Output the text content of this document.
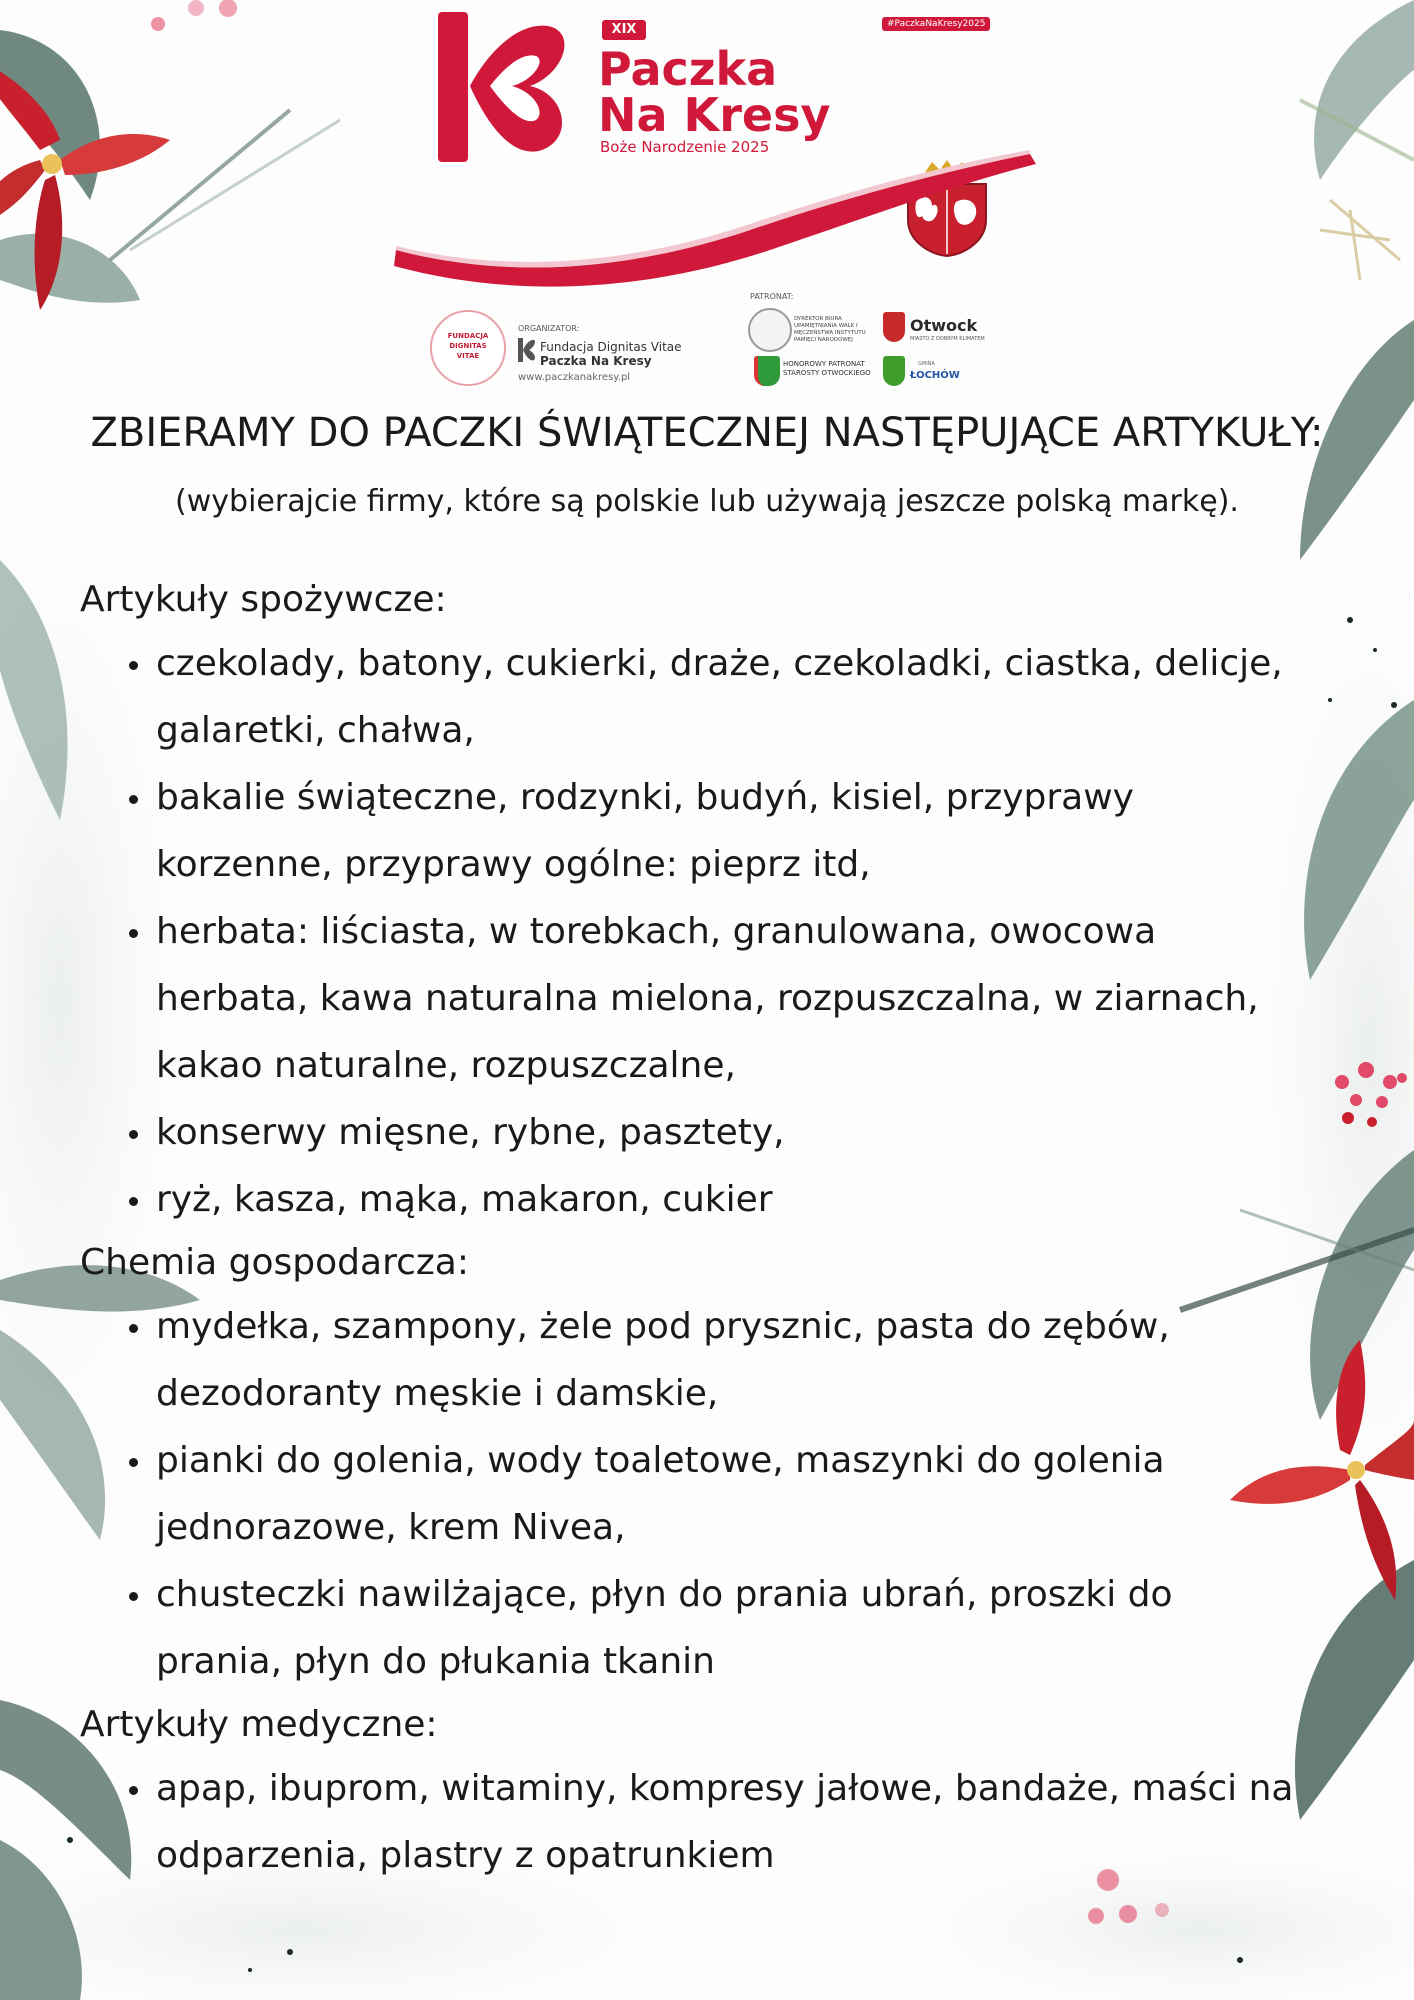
XIX
Paczka
Na Kresy
Boże Narodzenie 2025
#PaczkaNaKresy2025
FUNDACJA
DIGNITAS
VITAE
ORGANIZATOR:
Fundacja Dignitas Vitae
Paczka Na Kresy
www.paczkanakresy.pl
PATRONAT:
DYREKTOR BIURA UPAMIĘTNIANIA WALK I MĘCZEŃSTWA INSTYTUTU PAMIĘCI NARODOWEJ
Otwock
MIASTO Z DOBRYM KLIMATEM
HONOROWY PATRONAT STAROSTY OTWOCKIEGO
GMINA
ŁOCHÓW
ZBIERAMY DO PACZKI ŚWIĄTECZNEJ NASTĘPUJĄCE ARTYKUŁY:
(wybierajcie firmy, które są polskie lub używają jeszcze polską markę).

Artykuły spożywcze:

• czekolady, batony, cukierki, draże, czekoladki, ciastka, delicje, galaretki, chałwa,
• bakalie świąteczne, rodzynki, budyń, kisiel, przyprawy korzenne, przyprawy ogólne: pieprz itd,
• herbata: liściasta, w torebkach, granulowana, owocowa herbata, kawa naturalna mielona, rozpuszczalna, w ziarnach, kakao naturalne, rozpuszczalne,
• konserwy mięsne, rybne, pasztety,
• ryż, kasza, mąka, makaron, cukier

Chemia gospodarcza:

• mydełka, szampony, żele pod prysznic, pasta do zębów, dezodoranty męskie i damskie,
• pianki do golenia, wody toaletowe, maszynki do golenia jednorazowe, krem Nivea,
• chusteczki nawilżające, płyn do prania ubrań, proszki do prania, płyn do płukania tkanin

Artykuły medyczne:

• apap, ibuprom, witaminy, kompresy jałowe, bandaże, maści na odparzenia, plastry z opatrunkiem
